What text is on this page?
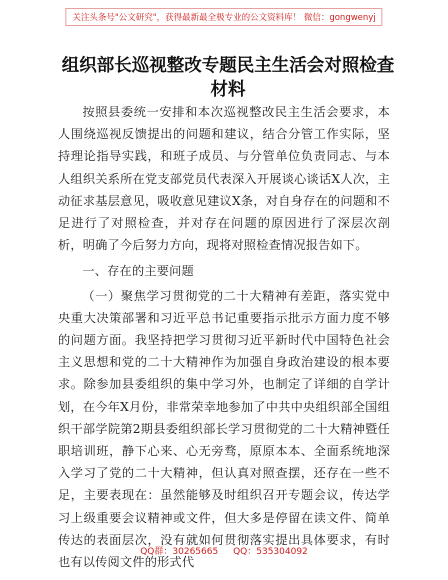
关注头条号"公文研究"，获得最新最全极专业的公文资料库！ 微信：gongwenyj
组织部长巡视整改专题民主生活会对照检查材料

按照县委统一安排和本次巡视整改民主生活会要求，本人围绕巡视反馈提出的问题和建议，结合分管工作实际，坚持理论指导实践，和班子成员、与分管单位负责同志、与本人组织关系所在党支部党员代表深入开展谈心谈话X人次，主动征求基层意见，吸收意见建议X条，对自身存在的问题和不足进行了对照检查，并对存在问题的原因进行了深层次剖析，明确了今后努力方向，现将对照检查情况报告如下。

一、存在的主要问题

（一）聚焦学习贯彻党的二十大精神有差距，落实党中央重大决策部署和习近平总书记重要指示批示方面力度不够的问题方面。我坚持把学习贯彻习近平新时代中国特色社会主义思想和党的二十大精神作为加强自身政治建设的根本要求。除参加县委组织的集中学习外，也制定了详细的自学计划，在今年X月份，非常荣幸地参加了中共中央组织部全国组织干部学院第2期县委组织部长学习贯彻党的二十大精神暨任职培训班，静下心来、心无旁骛，原原本本、全面系统地深入学习了党的二十大精神，但认真对照查摆，还存在一些不足，主要表现在：虽然能够及时组织召开专题会议，传达学习上级重要会议精神或文件，但大多是停留在读文件、简单传达的表面层次，没有就如何贯彻落实提出具体要求，有时也有以传阅文件的形式代

QQ群：30265665 QQ：535304092
